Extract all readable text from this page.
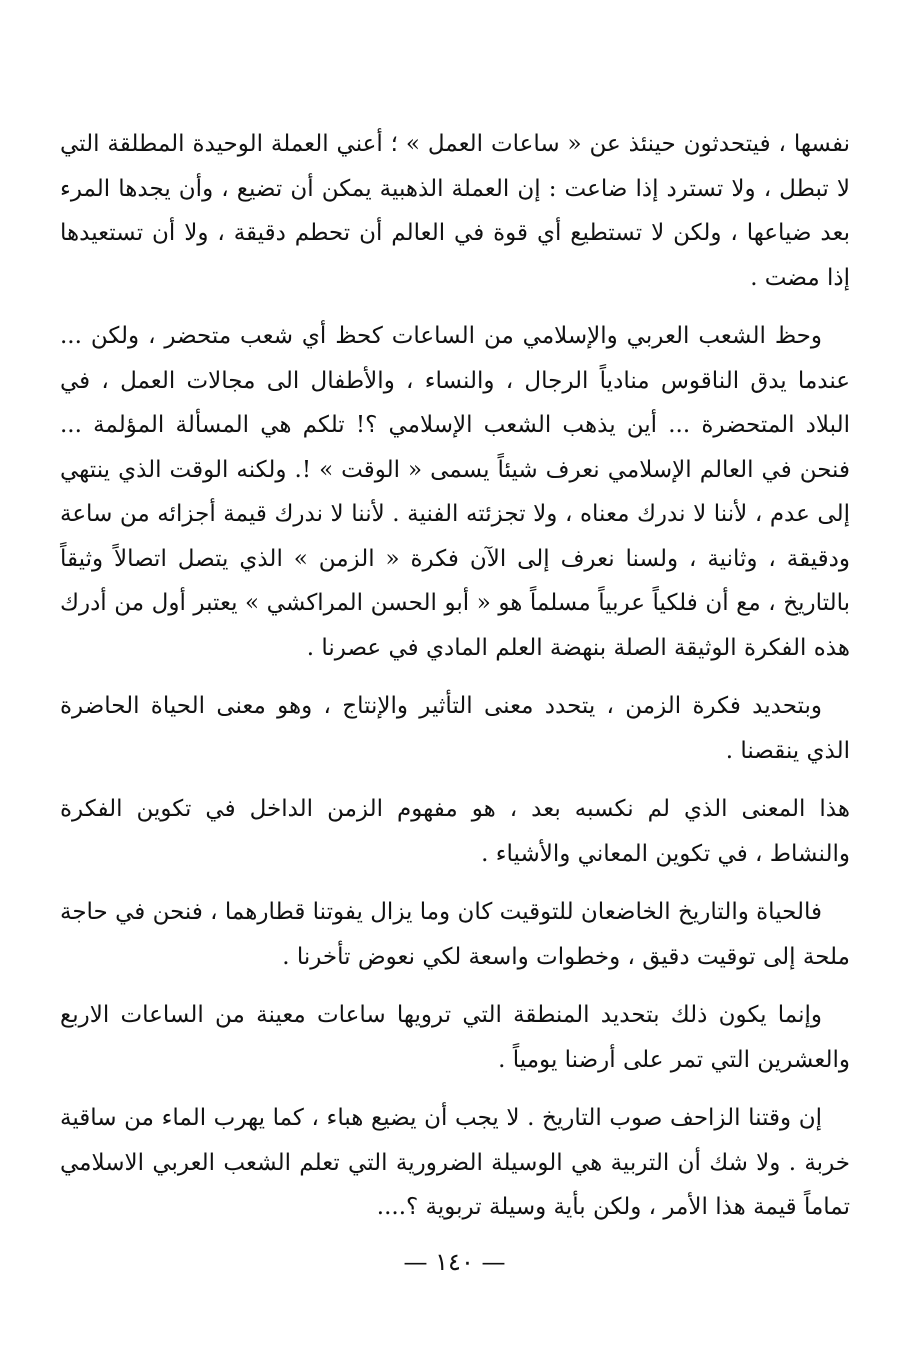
نفسها ، فيتحدثون حينئذ عن « ساعات العمل » ؛ أعني العملة الوحيدة المطلقة التي لا تبطل ، ولا تسترد إذا ضاعت : إن العملة الذهبية يمكن أن تضيع ، وأن يجدها المرء بعد ضياعها ، ولكن لا تستطيع أي قوة في العالم أن تحطم دقيقة ، ولا أن تستعيدها إذا مضت .

وحظ الشعب العربي والإسلامي من الساعات كحظ أي شعب متحضر ، ولكن ... عندما يدق الناقوس منادياً الرجال ، والنساء ، والأطفال الى مجالات العمل ، في البلاد المتحضرة ... أين يذهب الشعب الإسلامي ؟! تلكم هي المسألة المؤلمة ... فنحن في العالم الإسلامي نعرف شيئاً يسمى « الوقت » !. ولكنه الوقت الذي ينتهي إلى عدم ، لأننا لا ندرك معناه ، ولا تجزئته الفنية . لأننا لا ندرك قيمة أجزائه من ساعة ودقيقة ، وثانية ، ولسنا نعرف إلى الآن فكرة « الزمن » الذي يتصل اتصالاً وثيقاً بالتاريخ ، مع أن فلكياً عربياً مسلماً هو « أبو الحسن المراكشي » يعتبر أول من أدرك هذه الفكرة الوثيقة الصلة بنهضة العلم المادي في عصرنا .

وبتحديد فكرة الزمن ، يتحدد معنى التأثير والإنتاج ، وهو معنى الحياة الحاضرة الذي ينقصنا .

هذا المعنى الذي لم نكسبه بعد ، هو مفهوم الزمن الداخل في تكوين الفكرة والنشاط ، في تكوين المعاني والأشياء .

فالحياة والتاريخ الخاضعان للتوقيت كان وما يزال يفوتنا قطارهما ، فنحن في حاجة ملحة إلى توقيت دقيق ، وخطوات واسعة لكي نعوض تأخرنا .

وإنما يكون ذلك بتحديد المنطقة التي ترويها ساعات معينة من الساعات الاربع والعشرين التي تمر على أرضنا يومياً .

إن وقتنا الزاحف صوب التاريخ . لا يجب أن يضيع هباء ، كما يهرب الماء من ساقية خربة . ولا شك أن التربية هي الوسيلة الضرورية التي تعلم الشعب العربي الاسلامي تماماً قيمة هذا الأمر ، ولكن بأية وسيلة تربوية ؟....

— ١٤٠ —
